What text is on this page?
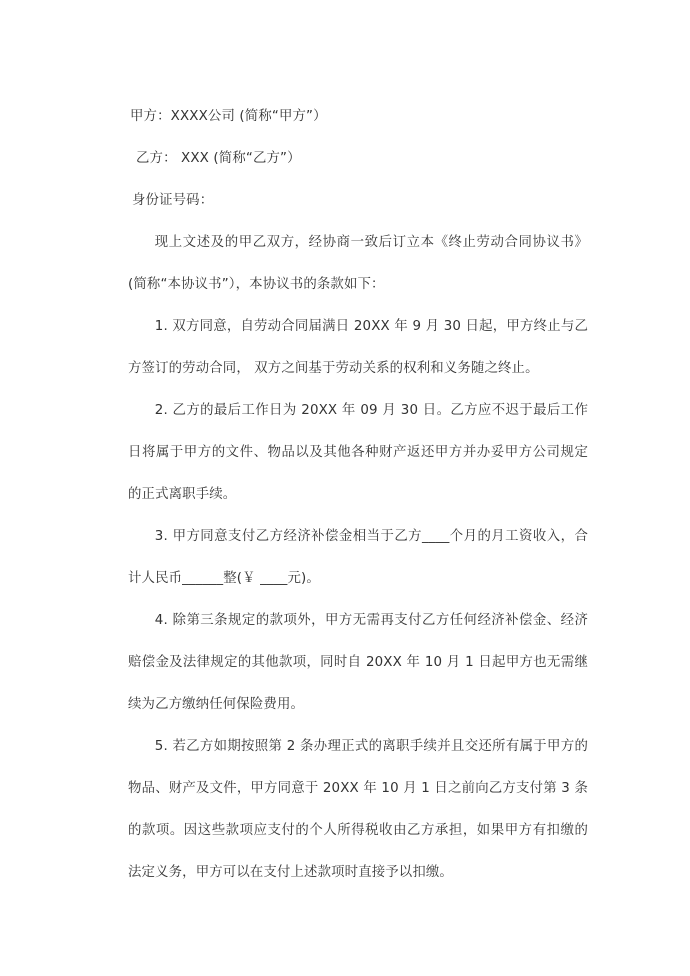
甲方：XXXX公司 (简称“甲方”）

乙方： XXX (简称“乙方”）

身份证号码：

现上文述及的甲乙双方，经协商一致后订立本《终止劳动合同协议书》(简称“本协议书”），本协议书的条款如下：

1. 双方同意，自劳动合同届满日 20XX 年 9 月 30 日起，甲方终止与乙方签订的劳动合同， 双方之间基于劳动关系的权利和义务随之终止。

2. 乙方的最后工作日为 20XX 年 09 月 30 日。乙方应不迟于最后工作日将属于甲方的文件、物品以及其他各种财产返还甲方并办妥甲方公司规定的正式离职手续。

3. 甲方同意支付乙方经济补偿金相当于乙方____个月的月工资收入，合计人民币______整(￥ ____元)。

4. 除第三条规定的款项外，甲方无需再支付乙方任何经济补偿金、经济赔偿金及法律规定的其他款项，同时自 20XX 年 10 月 1 日起甲方也无需继续为乙方缴纳任何保险费用。

5. 若乙方如期按照第 2 条办理正式的离职手续并且交还所有属于甲方的物品、财产及文件，甲方同意于 20XX 年 10 月 1 日之前向乙方支付第 3 条的款项。因这些款项应支付的个人所得税收由乙方承担，如果甲方有扣缴的法定义务，甲方可以在支付上述款项时直接予以扣缴。
